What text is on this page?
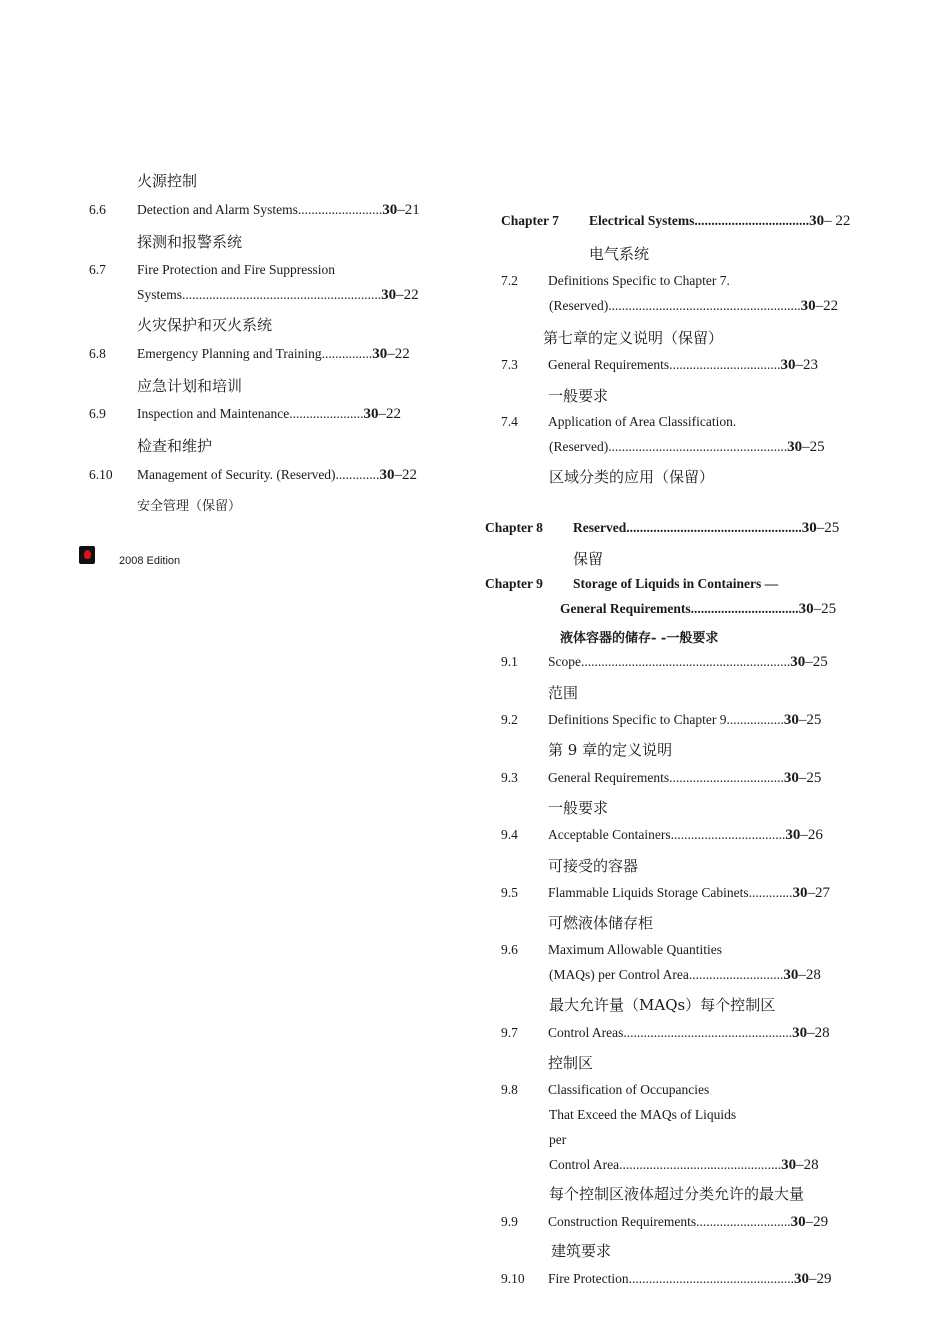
火源控制
6.6 Detection and Alarm Systems.........................30–21
探测和报警系统
6.7 Fire Protection and Fire Suppression
Systems...........................................................30–22
火灾保护和灭火系统
6.8 Emergency Planning and Training...............30–22
应急计划和培训
6.9 Inspection and Maintenance......................30–22
检查和维护
6.10 Management of Security. (Reserved).............30–22
安全管理（保留）
2008 Edition
Chapter 7 Electrical Systems..................................30– 22
电气系统
7.2 Definitions Specific to Chapter 7.
(Reserved).........................................................30–22
第七章的定义说明（保留）
7.3 General Requirements.................................30–23
一般要求
7.4 Application of Area Classification.
(Reserved).....................................................30–25
区域分类的应用（保留）
Chapter 8 Reserved....................................................30–25
保留
Chapter 9 Storage of Liquids in Containers —
General Requirements................................30–25
液体容器的储存- -一般要求
9.1 Scope..............................................................30–25
范围
9.2 Definitions Specific to Chapter 9.................30–25
第 9 章的定义说明
9.3 General Requirements..................................30–25
一般要求
9.4 Acceptable Containers..................................30–26
可接受的容器
9.5 Flammable Liquids Storage Cabinets.............30–27
可燃液体储存柜
9.6 Maximum Allowable Quantities
(MAQs) per Control Area............................30–28
最大允许量（MAQs）每个控制区
9.7 Control Areas..................................................30–28
控制区
9.8 Classification of Occupancies
That Exceed the MAQs of Liquids
per
Control Area................................................30–28
每个控制区液体超过分类允许的最大量
9.9 Construction Requirements............................30–29
建筑要求
9.10 Fire Protection.................................................30–29
